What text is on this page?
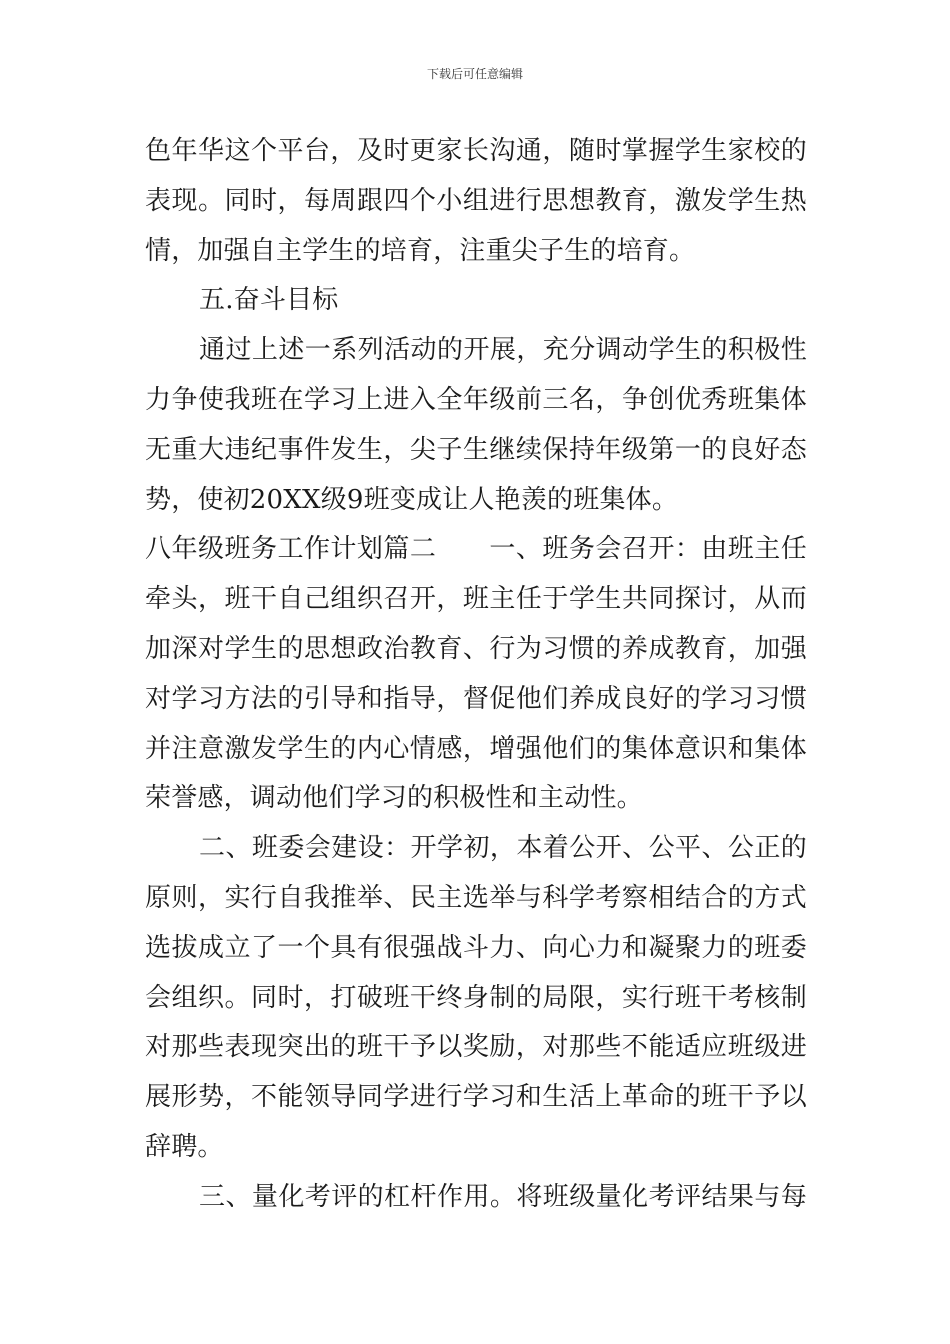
下载后可任意编辑
色年华这个平台，及时更家长沟通，随时掌握学生家校的
表现。同时，每周跟四个小组进行思想教育，激发学生热
情，加强自主学生的培育，注重尖子生的培育。
五.奋斗目标
通过上述一系列活动的开展，充分调动学生的积极性
力争使我班在学习上进入全年级前三名，争创优秀班集体
无重大违纪事件发生，尖子生继续保持年级第一的良好态
势，使初20XX级9班变成让人艳羡的班集体。
八年级班务工作计划篇二　　一、班务会召开：由班主任
牵头，班干自己组织召开，班主任于学生共同探讨，从而
加深对学生的思想政治教育、行为习惯的养成教育，加强
对学习方法的引导和指导，督促他们养成良好的学习习惯
并注意激发学生的内心情感，增强他们的集体意识和集体
荣誉感，调动他们学习的积极性和主动性。
二、班委会建设：开学初，本着公开、公平、公正的
原则，实行自我推举、民主选举与科学考察相结合的方式
选拔成立了一个具有很强战斗力、向心力和凝聚力的班委
会组织。同时，打破班干终身制的局限，实行班干考核制
对那些表现突出的班干予以奖励，对那些不能适应班级进
展形势，不能领导同学进行学习和生活上革命的班干予以
辞聘。
三、量化考评的杠杆作用。将班级量化考评结果与每
